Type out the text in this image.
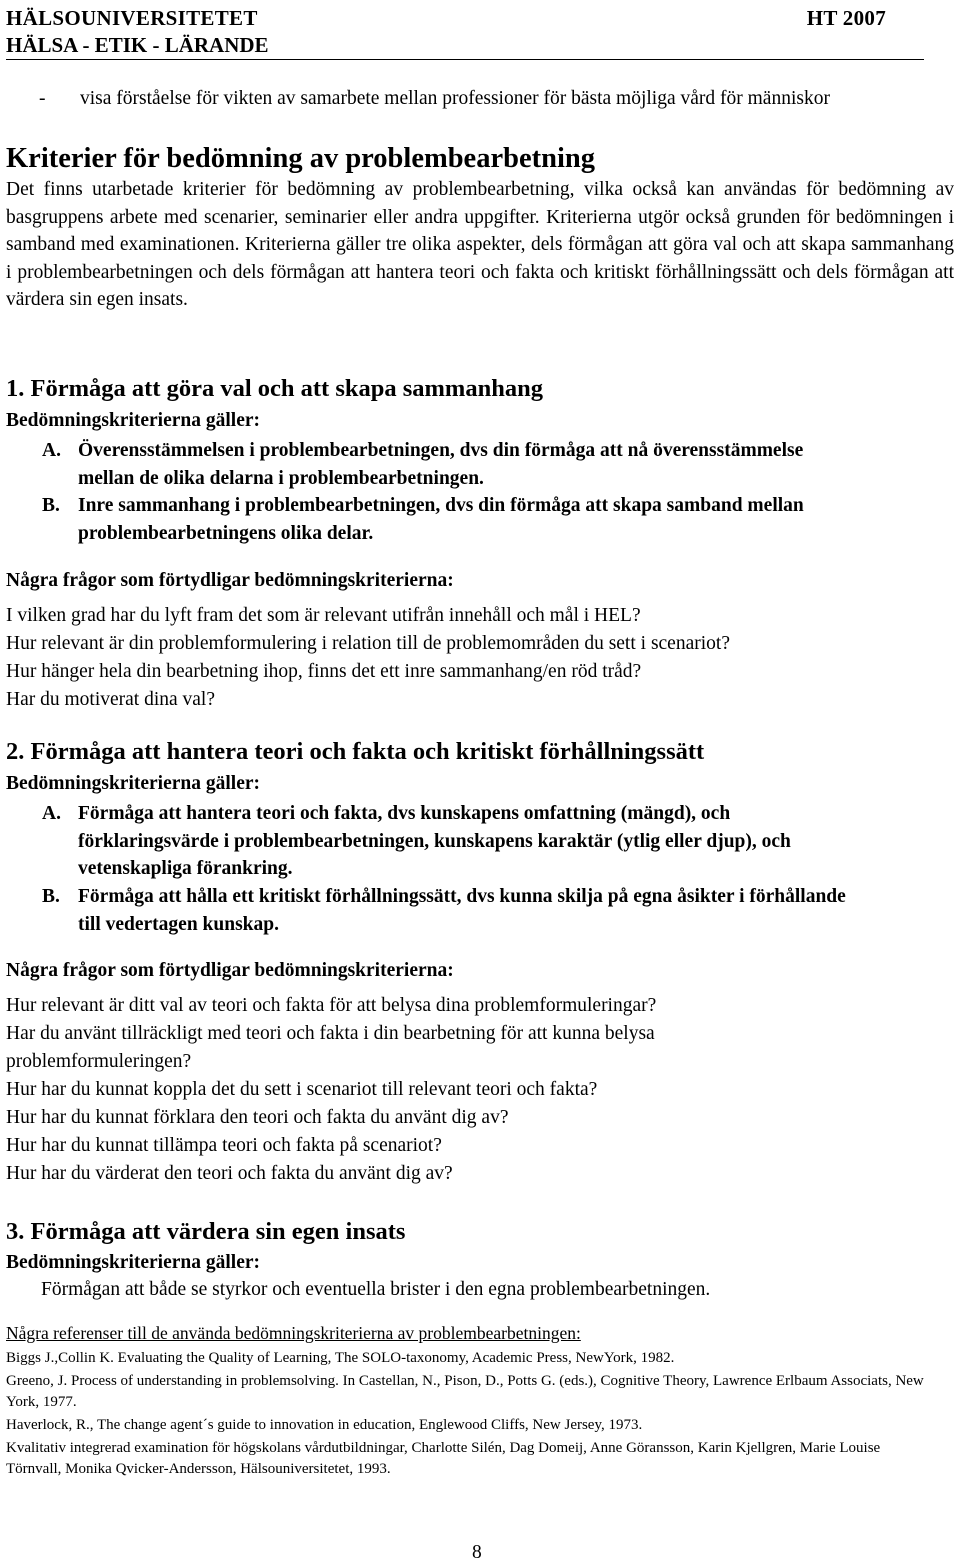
HÄLSOUNIVERSITETET	HT 2007
HÄLSA - ETIK - LÄRANDE
-	visa förståelse för vikten av samarbete mellan professioner för bästa möjliga vård för människor
Kriterier för bedömning av problembearbetning
Det finns utarbetade kriterier för bedömning av problembearbetning, vilka också kan användas för bedömning av basgruppens arbete med scenarier, seminarier eller andra uppgifter. Kriterierna utgör också grunden för bedömningen i samband med examinationen. Kriterierna gäller tre olika aspekter, dels förmågan att göra val och att skapa sammanhang i problembearbetningen och dels förmågan att hantera teori och fakta och kritiskt förhållningssätt och dels förmågan att värdera sin egen insats.
1. Förmåga att göra val och att skapa sammanhang
Bedömningskriterierna gäller:
A. Överensstämmelsen i problembearbetningen, dvs din förmåga att nå överensstämmelse mellan de olika delarna i problembearbetningen.
B. Inre sammanhang i problembearbetningen, dvs din förmåga att skapa samband mellan problembearbetningens olika delar.
Några frågor som förtydligar bedömningskriterierna:
I vilken grad har du lyft fram det som är relevant utifrån innehåll och mål i HEL?
Hur relevant är din problemformulering i relation till de problemområden du sett i scenariot?
Hur hänger hela din bearbetning ihop, finns det ett inre sammanhang/en röd tråd?
Har du motiverat dina val?
2. Förmåga att hantera teori och fakta och kritiskt förhållningssätt
Bedömningskriterierna gäller:
A. Förmåga att hantera teori och fakta, dvs kunskapens omfattning (mängd), och förklaringsvärde i problembearbetningen, kunskapens karaktär (ytlig eller djup), och vetenskapliga förankring.
B. Förmåga att hålla ett kritiskt förhållningssätt, dvs kunna skilja på egna åsikter i förhållande till vedertagen kunskap.
Några frågor som förtydligar bedömningskriterierna:
Hur relevant är ditt val av teori och fakta för att belysa dina problemformuleringar?
Har du använt tillräckligt med teori och fakta i din bearbetning för att kunna belysa problemformuleringen?
Hur har du kunnat koppla det du sett i scenariot till relevant teori och fakta?
Hur har du kunnat förklara den teori och fakta du använt dig av?
Hur har du kunnat tillämpa teori och fakta på scenariot?
Hur har du värderat den teori och fakta du använt dig av?
3. Förmåga att värdera sin egen insats
Bedömningskriterierna gäller:
Förmågan att både se styrkor och eventuella brister i den egna problembearbetningen.
Några referenser till de använda bedömningskriterierna av problembearbetningen:
Biggs J.,Collin K. Evaluating the Quality of Learning, The SOLO-taxonomy, Academic Press, NewYork, 1982.
Greeno, J. Process of understanding in problemsolving. In Castellan, N., Pison, D., Potts G. (eds.), Cognitive Theory, Lawrence Erlbaum Associats, New York, 1977.
Haverlock, R., The change agent´s guide to innovation in education, Englewood Cliffs, New Jersey, 1973.
Kvalitativ integrerad examination för högskolans vårdutbildningar, Charlotte Silén, Dag Domeij, Anne Göransson, Karin Kjellgren, Marie Louise Törnvall, Monika Qvicker-Andersson, Hälsouniversitetet, 1993.
8
